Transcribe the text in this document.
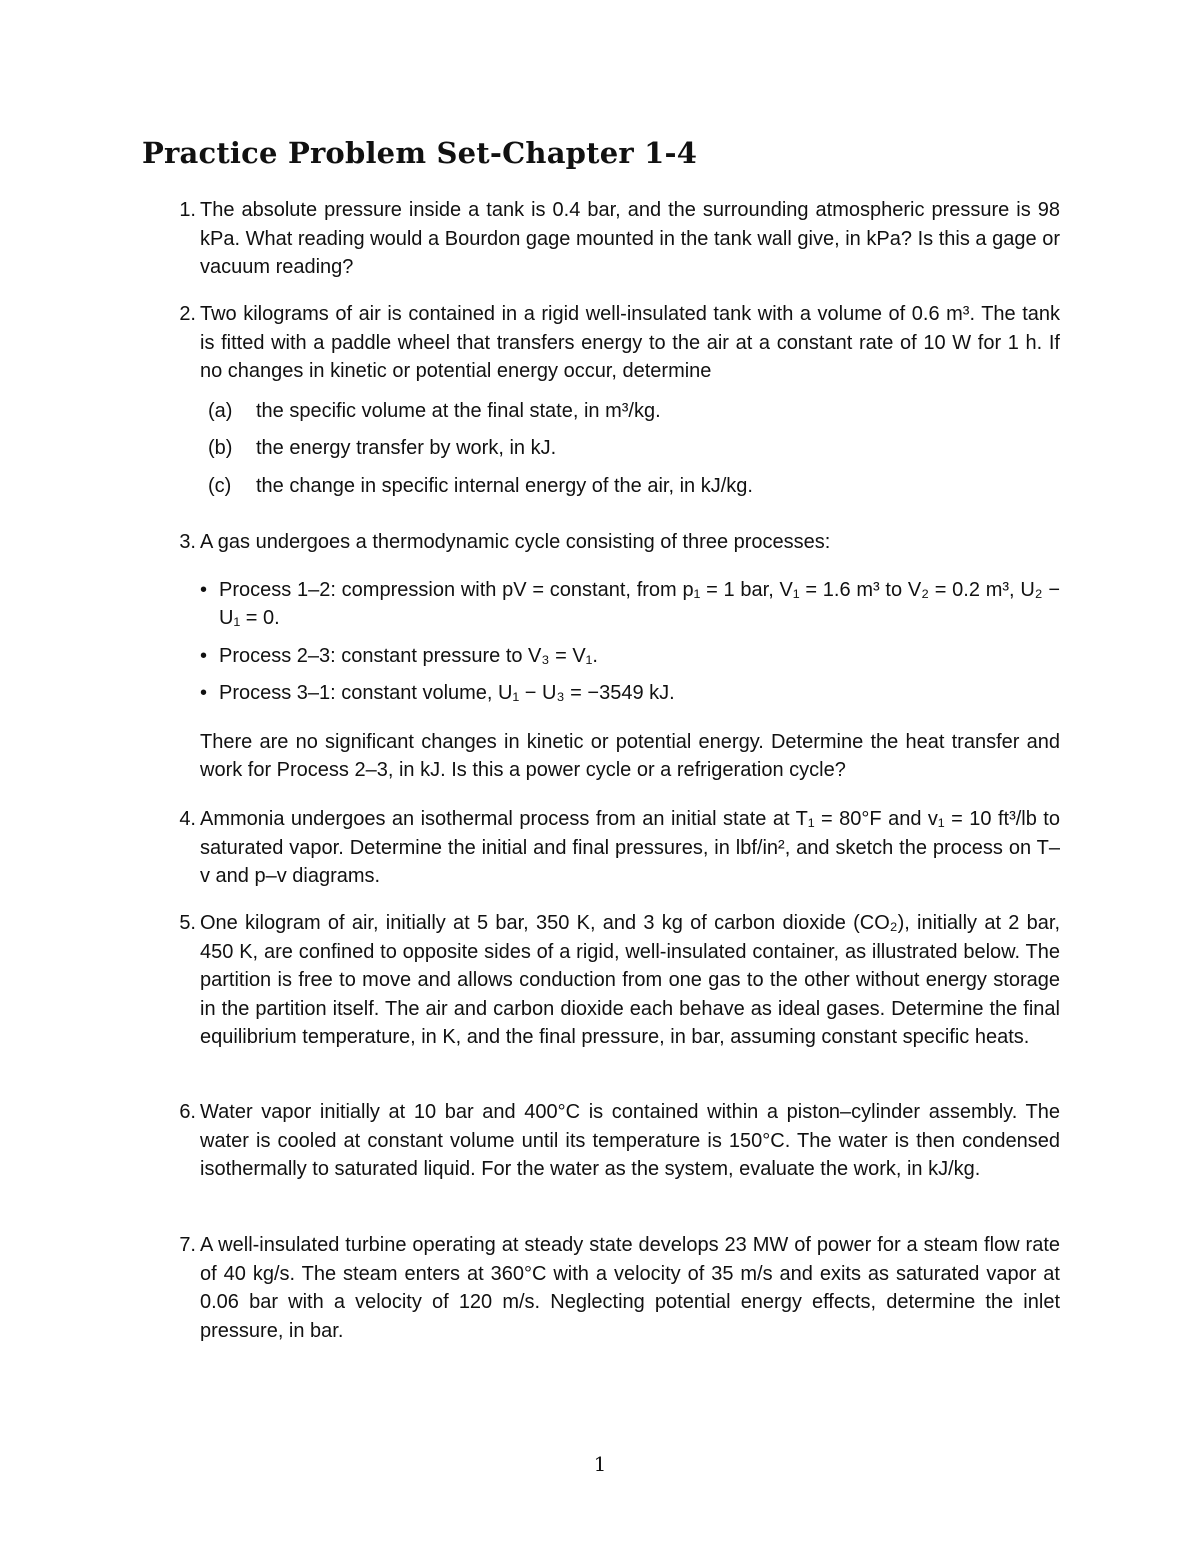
Practice Problem Set-Chapter 1-4
1. The absolute pressure inside a tank is 0.4 bar, and the surrounding atmospheric pressure is 98 kPa. What reading would a Bourdon gage mounted in the tank wall give, in kPa? Is this a gage or vacuum reading?
2. Two kilograms of air is contained in a rigid well-insulated tank with a volume of 0.6 m³. The tank is fitted with a paddle wheel that transfers energy to the air at a constant rate of 10 W for 1 h. If no changes in kinetic or potential energy occur, determine
(a)	the specific volume at the final state, in m³/kg.
(b)	the energy transfer by work, in kJ.
(c)	the change in specific internal energy of the air, in kJ/kg.
3. A gas undergoes a thermodynamic cycle consisting of three processes:
• Process 1–2: compression with pV = constant, from p₁ = 1 bar, V₁ = 1.6 m³ to V₂ = 0.2 m³, U₂ − U₁ = 0.
• Process 2–3: constant pressure to V₃ = V₁.
• Process 3–1: constant volume, U₁ − U₃ = −3549 kJ.
There are no significant changes in kinetic or potential energy. Determine the heat transfer and work for Process 2–3, in kJ. Is this a power cycle or a refrigeration cycle?
4. Ammonia undergoes an isothermal process from an initial state at T₁ = 80°F and v₁ = 10 ft³/lb to saturated vapor. Determine the initial and final pressures, in lbf/in², and sketch the process on T–v and p–v diagrams.
5. One kilogram of air, initially at 5 bar, 350 K, and 3 kg of carbon dioxide (CO₂), initially at 2 bar, 450 K, are confined to opposite sides of a rigid, well-insulated container, as illustrated below. The partition is free to move and allows conduction from one gas to the other without energy storage in the partition itself. The air and carbon dioxide each behave as ideal gases. Determine the final equilibrium temperature, in K, and the final pressure, in bar, assuming constant specific heats.
6. Water vapor initially at 10 bar and 400°C is contained within a piston–cylinder assembly. The water is cooled at constant volume until its temperature is 150°C. The water is then condensed isothermally to saturated liquid. For the water as the system, evaluate the work, in kJ/kg.
7. A well-insulated turbine operating at steady state develops 23 MW of power for a steam flow rate of 40 kg/s. The steam enters at 360°C with a velocity of 35 m/s and exits as saturated vapor at 0.06 bar with a velocity of 120 m/s. Neglecting potential energy effects, determine the inlet pressure, in bar.
1
